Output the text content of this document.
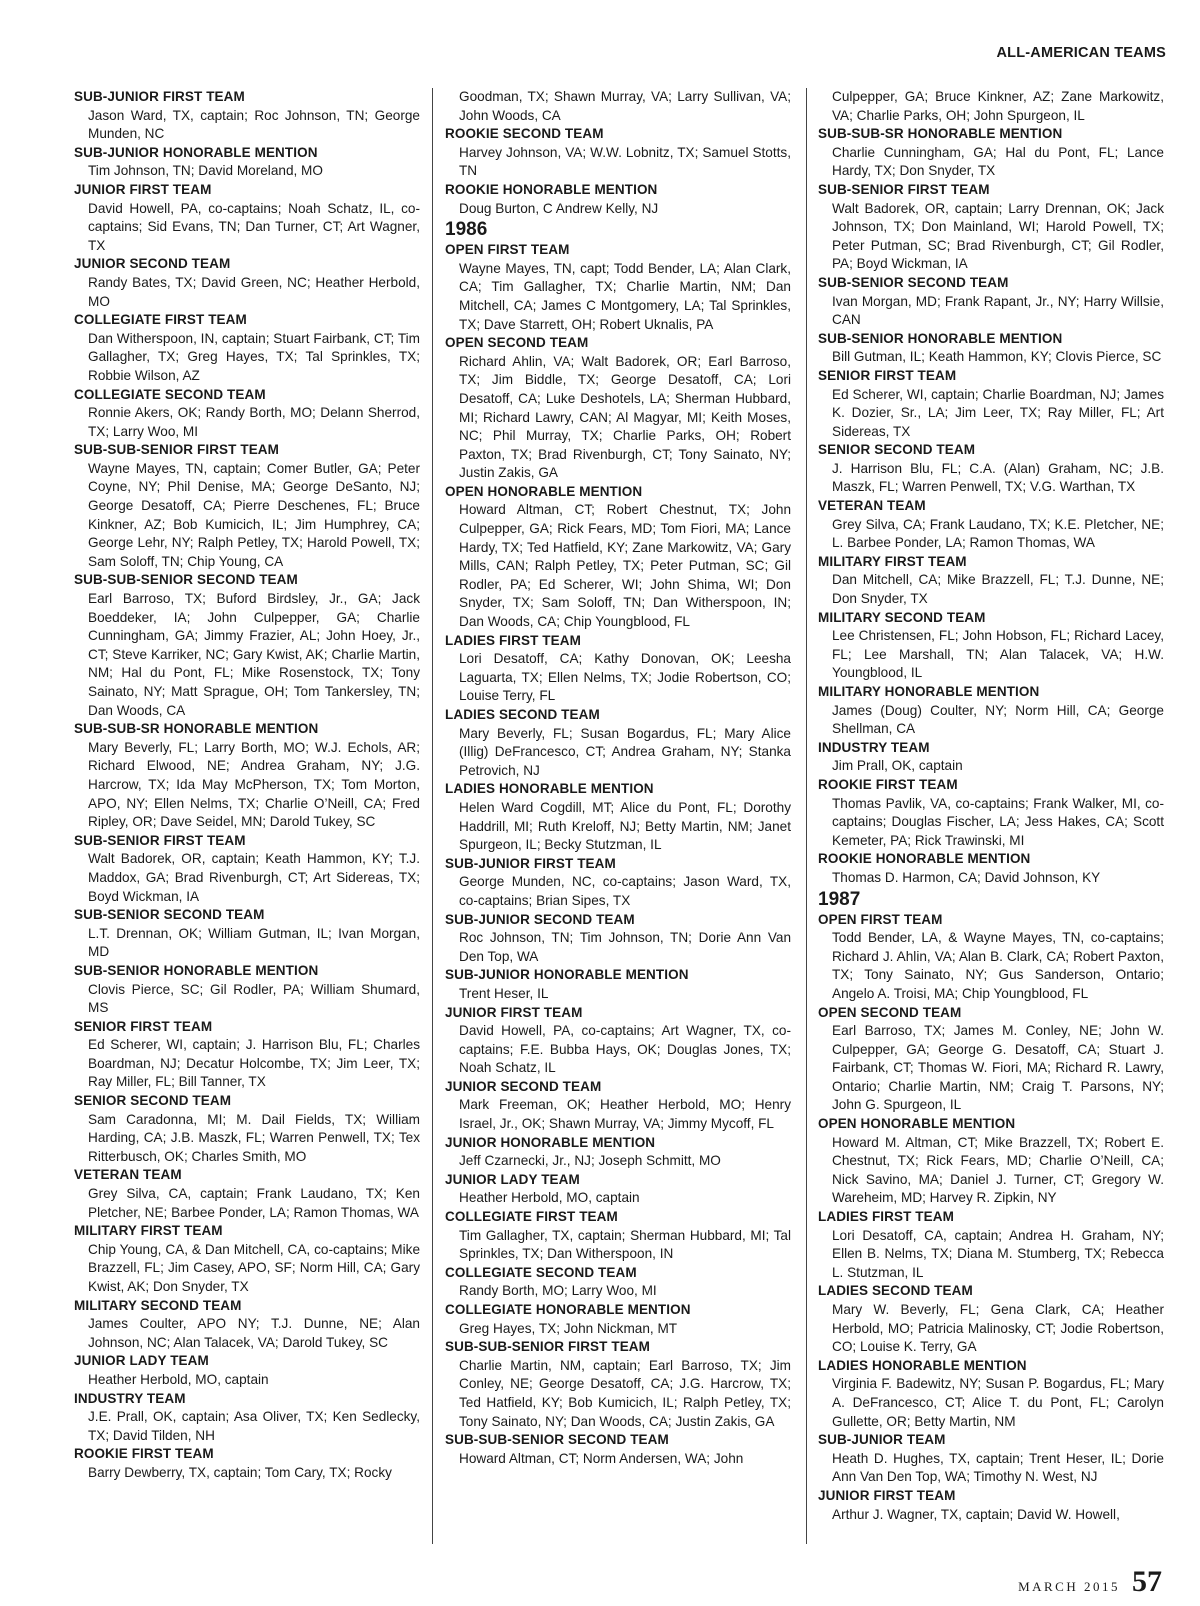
ALL-AMERICAN TEAMS
SUB-JUNIOR FIRST TEAM
Jason Ward, TX, captain; Roc Johnson, TN; George Munden, NC
SUB-JUNIOR HONORABLE MENTION
Tim Johnson, TN; David Moreland, MO
JUNIOR FIRST TEAM
David Howell, PA, co-captains; Noah Schatz, IL, co-captains; Sid Evans, TN; Dan Turner, CT; Art Wagner, TX
JUNIOR SECOND TEAM
Randy Bates, TX; David Green, NC; Heather Herbold, MO
COLLEGIATE FIRST TEAM
Dan Witherspoon, IN, captain; Stuart Fairbank, CT; Tim Gallagher, TX; Greg Hayes, TX; Tal Sprinkles, TX; Robbie Wilson, AZ
COLLEGIATE SECOND TEAM
Ronnie Akers, OK; Randy Borth, MO; Delann Sherrod, TX; Larry Woo, MI
SUB-SUB-SENIOR FIRST TEAM
Wayne Mayes, TN, captain; Comer Butler, GA; Peter Coyne, NY; Phil Denise, MA; George DeSanto, NJ; George Desatoff, CA; Pierre Deschenes, FL; Bruce Kinkner, AZ; Bob Kumicich, IL; Jim Humphrey, CA; George Lehr, NY; Ralph Petley, TX; Harold Powell, TX; Sam Soloff, TN; Chip Young, CA
SUB-SUB-SENIOR SECOND TEAM
Earl Barroso, TX; Buford Birdsley, Jr., GA; Jack Boeddeker, IA; John Culpepper, GA; Charlie Cunningham, GA; Jimmy Frazier, AL; John Hoey, Jr., CT; Steve Karriker, NC; Gary Kwist, AK; Charlie Martin, NM; Hal du Pont, FL; Mike Rosenstock, TX; Tony Sainato, NY; Matt Sprague, OH; Tom Tankersley, TN; Dan Woods, CA
SUB-SUB-SR HONORABLE MENTION
Mary Beverly, FL; Larry Borth, MO; W.J. Echols, AR; Richard Elwood, NE; Andrea Graham, NY; J.G. Harcrow, TX; Ida May McPherson, TX; Tom Morton, APO, NY; Ellen Nelms, TX; Charlie O’Neill, CA; Fred Ripley, OR; Dave Seidel, MN; Darold Tukey, SC
SUB-SENIOR FIRST TEAM
Walt Badorek, OR, captain; Keath Hammon, KY; T.J. Maddox, GA; Brad Rivenburgh, CT; Art Sidereas, TX; Boyd Wickman, IA
SUB-SENIOR SECOND TEAM
L.T. Drennan, OK; William Gutman, IL; Ivan Morgan, MD
SUB-SENIOR HONORABLE MENTION
Clovis Pierce, SC; Gil Rodler, PA; William Shumard, MS
SENIOR FIRST TEAM
Ed Scherer, WI, captain; J. Harrison Blu, FL; Charles Boardman, NJ; Decatur Holcombe, TX; Jim Leer, TX; Ray Miller, FL; Bill Tanner, TX
SENIOR SECOND TEAM
Sam Caradonna, MI; M. Dail Fields, TX; William Harding, CA; J.B. Maszk, FL; Warren Penwell, TX; Tex Ritterbusch, OK; Charles Smith, MO
VETERAN TEAM
Grey Silva, CA, captain; Frank Laudano, TX; Ken Pletcher, NE; Barbee Ponder, LA; Ramon Thomas, WA
MILITARY FIRST TEAM
Chip Young, CA, & Dan Mitchell, CA, co-captains; Mike Brazzell, FL; Jim Casey, APO, SF; Norm Hill, CA; Gary Kwist, AK; Don Snyder, TX
MILITARY SECOND TEAM
James Coulter, APO NY; T.J. Dunne, NE; Alan Johnson, NC; Alan Talacek, VA; Darold Tukey, SC
JUNIOR LADY TEAM
Heather Herbold, MO, captain
INDUSTRY TEAM
J.E. Prall, OK, captain; Asa Oliver, TX; Ken Sedlecky, TX; David Tilden, NH
ROOKIE FIRST TEAM
Barry Dewberry, TX, captain; Tom Cary, TX; Rocky
Goodman, TX; Shawn Murray, VA; Larry Sullivan, VA; John Woods, CA
ROOKIE SECOND TEAM
Harvey Johnson, VA; W.W. Lobnitz, TX; Samuel Stotts, TN
ROOKIE HONORABLE MENTION
Doug Burton, C Andrew Kelly, NJ
1986
OPEN FIRST TEAM
Wayne Mayes, TN, capt; Todd Bender, LA; Alan Clark, CA; Tim Gallagher, TX; Charlie Martin, NM; Dan Mitchell, CA; James C Montgomery, LA; Tal Sprinkles, TX; Dave Starrett, OH; Robert Uknalis, PA
OPEN SECOND TEAM
Richard Ahlin, VA; Walt Badorek, OR; Earl Barroso, TX; Jim Biddle, TX; George Desatoff, CA; Lori Desatoff, CA; Luke Deshotels, LA; Sherman Hubbard, MI; Richard Lawry, CAN; Al Magyar, MI; Keith Moses, NC; Phil Murray, TX; Charlie Parks, OH; Robert Paxton, TX; Brad Rivenburgh, CT; Tony Sainato, NY; Justin Zakis, GA
OPEN HONORABLE MENTION
Howard Altman, CT; Robert Chestnut, TX; John Culpepper, GA; Rick Fears, MD; Tom Fiori, MA; Lance Hardy, TX; Ted Hatfield, KY; Zane Markowitz, VA; Gary Mills, CAN; Ralph Petley, TX; Peter Putman, SC; Gil Rodler, PA; Ed Scherer, WI; John Shima, WI; Don Snyder, TX; Sam Soloff, TN; Dan Witherspoon, IN; Dan Woods, CA; Chip Youngblood, FL
LADIES FIRST TEAM
Lori Desatoff, CA; Kathy Donovan, OK; Leesha Laguarta, TX; Ellen Nelms, TX; Jodie Robertson, CO; Louise Terry, FL
LADIES SECOND TEAM
Mary Beverly, FL; Susan Bogardus, FL; Mary Alice (Illig) DeFrancesco, CT; Andrea Graham, NY; Stanka Petrovich, NJ
LADIES HONORABLE MENTION
Helen Ward Cogdill, MT; Alice du Pont, FL; Dorothy Haddrill, MI; Ruth Kreloff, NJ; Betty Martin, NM; Janet Spurgeon, IL; Becky Stutzman, IL
SUB-JUNIOR FIRST TEAM
George Munden, NC, co-captains; Jason Ward, TX, co-captains; Brian Sipes, TX
SUB-JUNIOR SECOND TEAM
Roc Johnson, TN; Tim Johnson, TN; Dorie Ann Van Den Top, WA
SUB-JUNIOR HONORABLE MENTION
Trent Heser, IL
JUNIOR FIRST TEAM
David Howell, PA, co-captains; Art Wagner, TX, co-captains; F.E. Bubba Hays, OK; Douglas Jones, TX; Noah Schatz, IL
JUNIOR SECOND TEAM
Mark Freeman, OK; Heather Herbold, MO; Henry Israel, Jr., OK; Shawn Murray, VA; Jimmy Mycoff, FL
JUNIOR HONORABLE MENTION
Jeff Czarnecki, Jr., NJ; Joseph Schmitt, MO
JUNIOR LADY TEAM
Heather Herbold, MO, captain
COLLEGIATE FIRST TEAM
Tim Gallagher, TX, captain; Sherman Hubbard, MI; Tal Sprinkles, TX; Dan Witherspoon, IN
COLLEGIATE SECOND TEAM
Randy Borth, MO; Larry Woo, MI
COLLEGIATE HONORABLE MENTION
Greg Hayes, TX; John Nickman, MT
SUB-SUB-SENIOR FIRST TEAM
Charlie Martin, NM, captain; Earl Barroso, TX; Jim Conley, NE; George Desatoff, CA; J.G. Harcrow, TX; Ted Hatfield, KY; Bob Kumicich, IL; Ralph Petley, TX; Tony Sainato, NY; Dan Woods, CA; Justin Zakis, GA
SUB-SUB-SENIOR SECOND TEAM
Howard Altman, CT; Norm Andersen, WA; John
Culpepper, GA; Bruce Kinkner, AZ; Zane Markowitz, VA; Charlie Parks, OH; John Spurgeon, IL
SUB-SUB-SR HONORABLE MENTION
Charlie Cunningham, GA; Hal du Pont, FL; Lance Hardy, TX; Don Snyder, TX
SUB-SENIOR FIRST TEAM
Walt Badorek, OR, captain; Larry Drennan, OK; Jack Johnson, TX; Don Mainland, WI; Harold Powell, TX; Peter Putman, SC; Brad Rivenburgh, CT; Gil Rodler, PA; Boyd Wickman, IA
SUB-SENIOR SECOND TEAM
Ivan Morgan, MD; Frank Rapant, Jr., NY; Harry Willsie, CAN
SUB-SENIOR HONORABLE MENTION
Bill Gutman, IL; Keath Hammon, KY; Clovis Pierce, SC
SENIOR FIRST TEAM
Ed Scherer, WI, captain; Charlie Boardman, NJ; James K. Dozier, Sr., LA; Jim Leer, TX; Ray Miller, FL; Art Sidereas, TX
SENIOR SECOND TEAM
J. Harrison Blu, FL; C.A. (Alan) Graham, NC; J.B. Maszk, FL; Warren Penwell, TX; V.G. Warthan, TX
VETERAN TEAM
Grey Silva, CA; Frank Laudano, TX; K.E. Pletcher, NE; L. Barbee Ponder, LA; Ramon Thomas, WA
MILITARY FIRST TEAM
Dan Mitchell, CA; Mike Brazzell, FL; T.J. Dunne, NE; Don Snyder, TX
MILITARY SECOND TEAM
Lee Christensen, FL; John Hobson, FL; Richard Lacey, FL; Lee Marshall, TN; Alan Talacek, VA; H.W. Youngblood, IL
MILITARY HONORABLE MENTION
James (Doug) Coulter, NY; Norm Hill, CA; George Shellman, CA
INDUSTRY TEAM
Jim Prall, OK, captain
ROOKIE FIRST TEAM
Thomas Pavlik, VA, co-captains; Frank Walker, MI, co-captains; Douglas Fischer, LA; Jess Hakes, CA; Scott Kemeter, PA; Rick Trawinski, MI
ROOKIE HONORABLE MENTION
Thomas D. Harmon, CA; David Johnson, KY
1987
OPEN FIRST TEAM
Todd Bender, LA, & Wayne Mayes, TN, co-captains; Richard J. Ahlin, VA; Alan B. Clark, CA; Robert Paxton, TX; Tony Sainato, NY; Gus Sanderson, Ontario; Angelo A. Troisi, MA; Chip Youngblood, FL
OPEN SECOND TEAM
Earl Barroso, TX; James M. Conley, NE; John W. Culpepper, GA; George G. Desatoff, CA; Stuart J. Fairbank, CT; Thomas W. Fiori, MA; Richard R. Lawry, Ontario; Charlie Martin, NM; Craig T. Parsons, NY; John G. Spurgeon, IL
OPEN HONORABLE MENTION
Howard M. Altman, CT; Mike Brazzell, TX; Robert E. Chestnut, TX; Rick Fears, MD; Charlie O’Neill, CA; Nick Savino, MA; Daniel J. Turner, CT; Gregory W. Wareheim, MD; Harvey R. Zipkin, NY
LADIES FIRST TEAM
Lori Desatoff, CA, captain; Andrea H. Graham, NY; Ellen B. Nelms, TX; Diana M. Stumberg, TX; Rebecca L. Stutzman, IL
LADIES SECOND TEAM
Mary W. Beverly, FL; Gena Clark, CA; Heather Herbold, MO; Patricia Malinosky, CT; Jodie Robertson, CO; Louise K. Terry, GA
LADIES HONORABLE MENTION
Virginia F. Badewitz, NY; Susan P. Bogardus, FL; Mary A. DeFrancesco, CT; Alice T. du Pont, FL; Carolyn Gullette, OR; Betty Martin, NM
SUB-JUNIOR TEAM
Heath D. Hughes, TX, captain; Trent Heser, IL; Dorie Ann Van Den Top, WA; Timothy N. West, NJ
JUNIOR FIRST TEAM
Arthur J. Wagner, TX, captain; David W. Howell,
MARCH 2015 57
